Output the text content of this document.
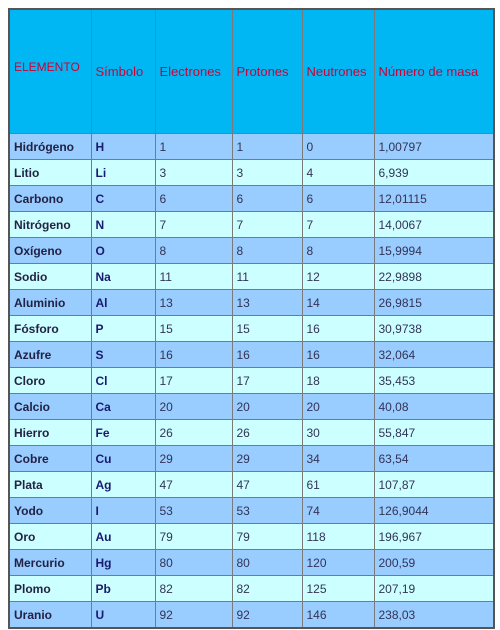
ELEMENTO	Símbolo	Electrones	Protones	Neutrones	Número de masa
Hidrógeno	H	1	1	0	1,00797
Litio	Li	3	3	4	6,939
Carbono	C	6	6	6	12,01115
Nitrógeno	N	7	7	7	14,0067
Oxígeno	O	8	8	8	15,9994
Sodio	Na	11	11	12	22,9898
Aluminio	Al	13	13	14	26,9815
Fósforo	P	15	15	16	30,9738
Azufre	S	16	16	16	32,064
Cloro	Cl	17	17	18	35,453
Calcio	Ca	20	20	20	40,08
Hierro	Fe	26	26	30	55,847
Cobre	Cu	29	29	34	63,54
Plata	Ag	47	47	61	107,87
Yodo	I	53	53	74	126,9044
Oro	Au	79	79	118	196,967
Mercurio	Hg	80	80	120	200,59
Plomo	Pb	82	82	125	207,19
Uranio	U	92	92	146	238,03
